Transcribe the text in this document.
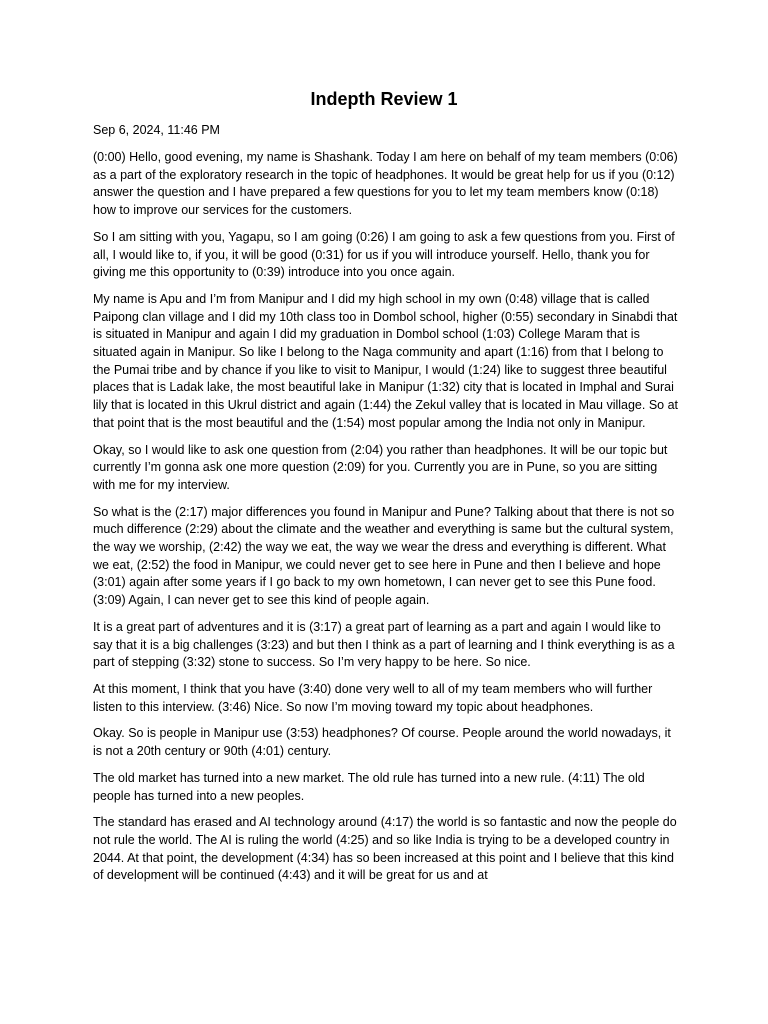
Indepth Review 1
Sep 6, 2024, 11:46 PM

(0:00) Hello, good evening, my name is Shashank. Today I am here on behalf of my team members (0:06) as a part of the exploratory research in the topic of headphones. It would be great help for us if you (0:12) answer the question and I have prepared a few questions for you to let my team members know (0:18) how to improve our services for the customers.

So I am sitting with you, Yagapu, so I am going (0:26) I am going to ask a few questions from you. First of all, I would like to, if you, it will be good (0:31) for us if you will introduce yourself. Hello, thank you for giving me this opportunity to (0:39) introduce into you once again.

My name is Apu and I’m from Manipur and I did my high school in my own (0:48) village that is called Paipong clan village and I did my 10th class too in Dombol school, higher (0:55) secondary in Sinabdi that is situated in Manipur and again I did my graduation in Dombol school (1:03) College Maram that is situated again in Manipur. So like I belong to the Naga community and apart (1:16) from that I belong to the Pumai tribe and by chance if you like to visit to Manipur, I would (1:24) like to suggest three beautiful places that is Ladak lake, the most beautiful lake in Manipur (1:32) city that is located in Imphal and Surai lily that is located in this Ukrul district and again (1:44) the Zekul valley that is located in Mau village. So at that point that is the most beautiful and the (1:54) most popular among the India not only in Manipur.

Okay, so I would like to ask one question from (2:04) you rather than headphones. It will be our topic but currently I’m gonna ask one more question (2:09) for you. Currently you are in Pune, so you are sitting with me for my interview.

So what is the (2:17) major differences you found in Manipur and Pune? Talking about that there is not so much difference (2:29) about the climate and the weather and everything is same but the cultural system, the way we worship, (2:42) the way we eat, the way we wear the dress and everything is different. What we eat, (2:52) the food in Manipur, we could never get to see here in Pune and then I believe and hope (3:01) again after some years if I go back to my own hometown, I can never get to see this Pune food. (3:09) Again, I can never get to see this kind of people again.

It is a great part of adventures and it is (3:17) a great part of learning as a part and again I would like to say that it is a big challenges (3:23) and but then I think as a part of learning and I think everything is as a part of stepping (3:32) stone to success. So I’m very happy to be here. So nice.

At this moment, I think that you have (3:40) done very well to all of my team members who will further listen to this interview. (3:46) Nice. So now I’m moving toward my topic about headphones.

Okay. So is people in Manipur use (3:53) headphones? Of course. People around the world nowadays, it is not a 20th century or 90th (4:01) century.

The old market has turned into a new market. The old rule has turned into a new rule. (4:11) The old people has turned into a new peoples.

The standard has erased and AI technology around (4:17) the world is so fantastic and now the people do not rule the world. The AI is ruling the world (4:25) and so like India is trying to be a developed country in 2044. At that point, the development (4:34) has so been increased at this point and I believe that this kind of development will be continued (4:43) and it will be great for us and at
